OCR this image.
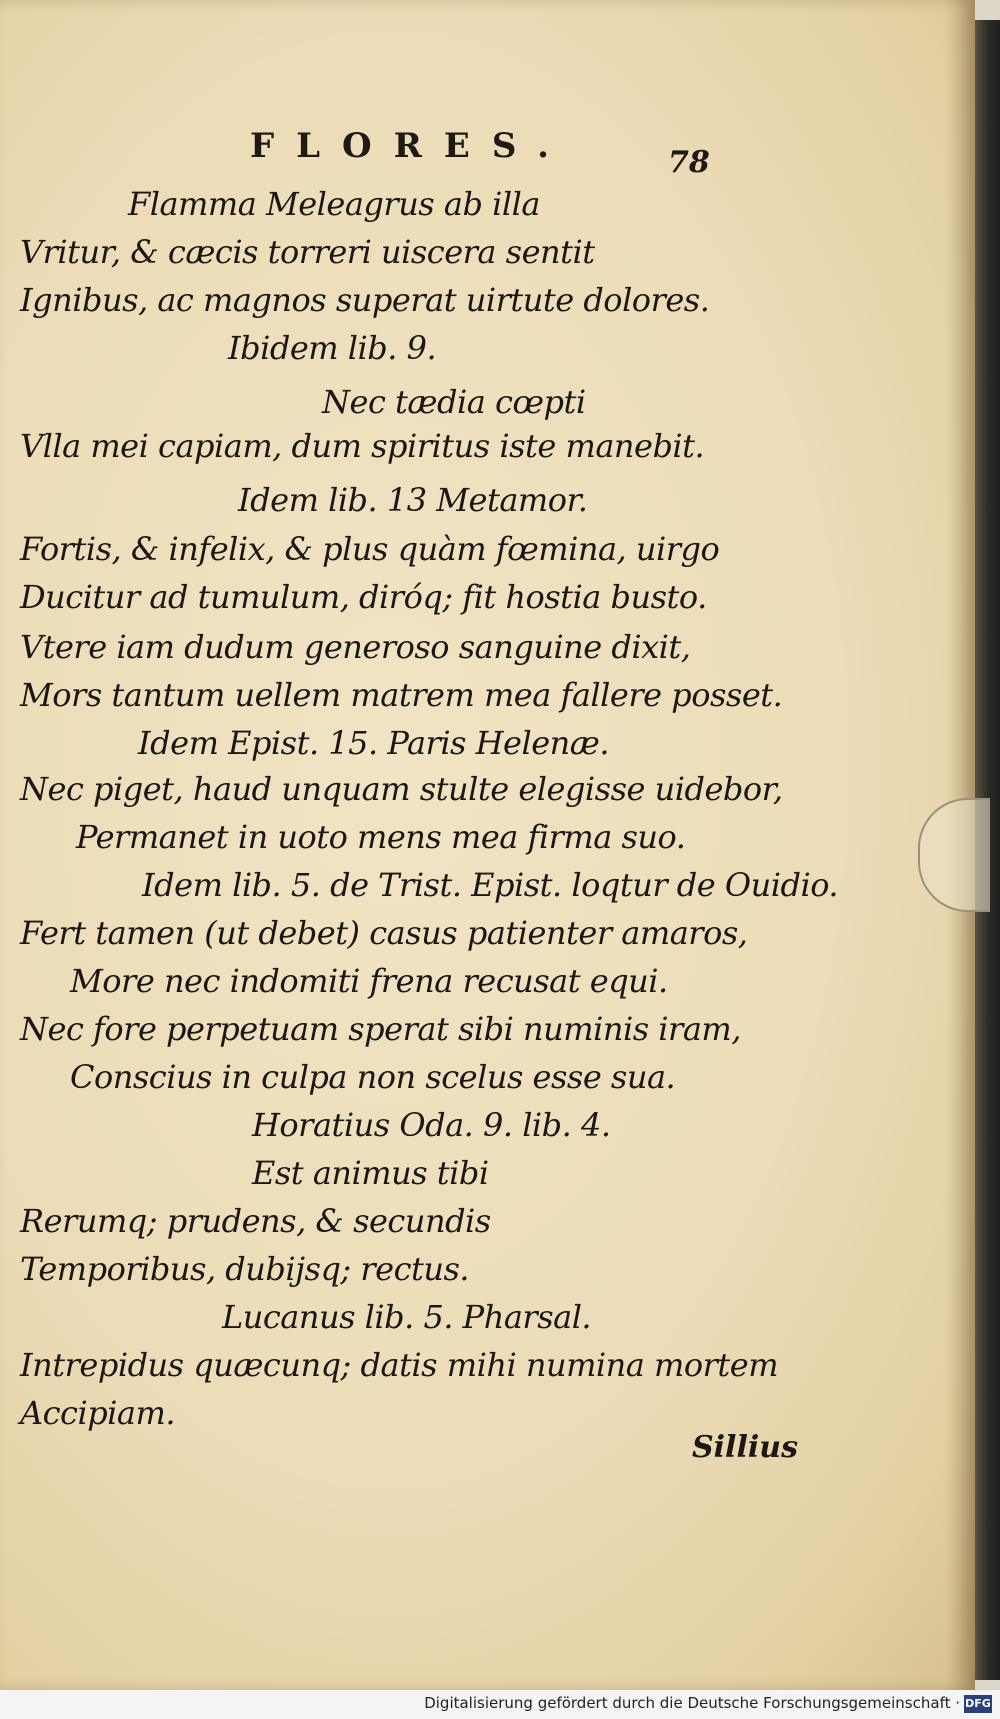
FLORES.	78
Flamma Meleagrus ab illa
Vritur, & cæcis torreri uiscera sentit
Ignibus, ac magnos superat uirtute dolores.
Ibidem lib. 9.
Nec tædia cœpti
Vlla mei capiam, dum spiritus iste manebit.
Idem lib. 13 Metamor.
Fortis, & infelix, & plus quàm fœmina, uirgo
Ducitur ad tumulum, diróq; fit hostia busto.
Vtere iam dudum generoso sanguine dixit,
Mors tantum uellem matrem mea fallere posset.
Idem Epist. 15. Paris Helenæ.
Nec piget, haud unquam stulte elegisse uidebor,
Permanet in uoto mens mea firma suo.
Idem lib. 5. de Trist. Epist. loqtur de Ouidio.
Fert tamen (ut debet) casus patienter amaros,
More nec indomiti frena recusat equi.
Nec fore perpetuam sperat sibi numinis iram,
Conscius in culpa non scelus esse sua.
Horatius Oda. 9. lib. 4.
Est animus tibi
Rerumq; prudens, & secundis
Temporibus, dubijsq; rectus.
Lucanus lib. 5. Pharsal.
Intrepidus quæcunq; datis mihi numina mortem
Accipiam.
Sillius
Digitalisierung gefördert durch die Deutsche Forschungsgemeinschaft · DFG
